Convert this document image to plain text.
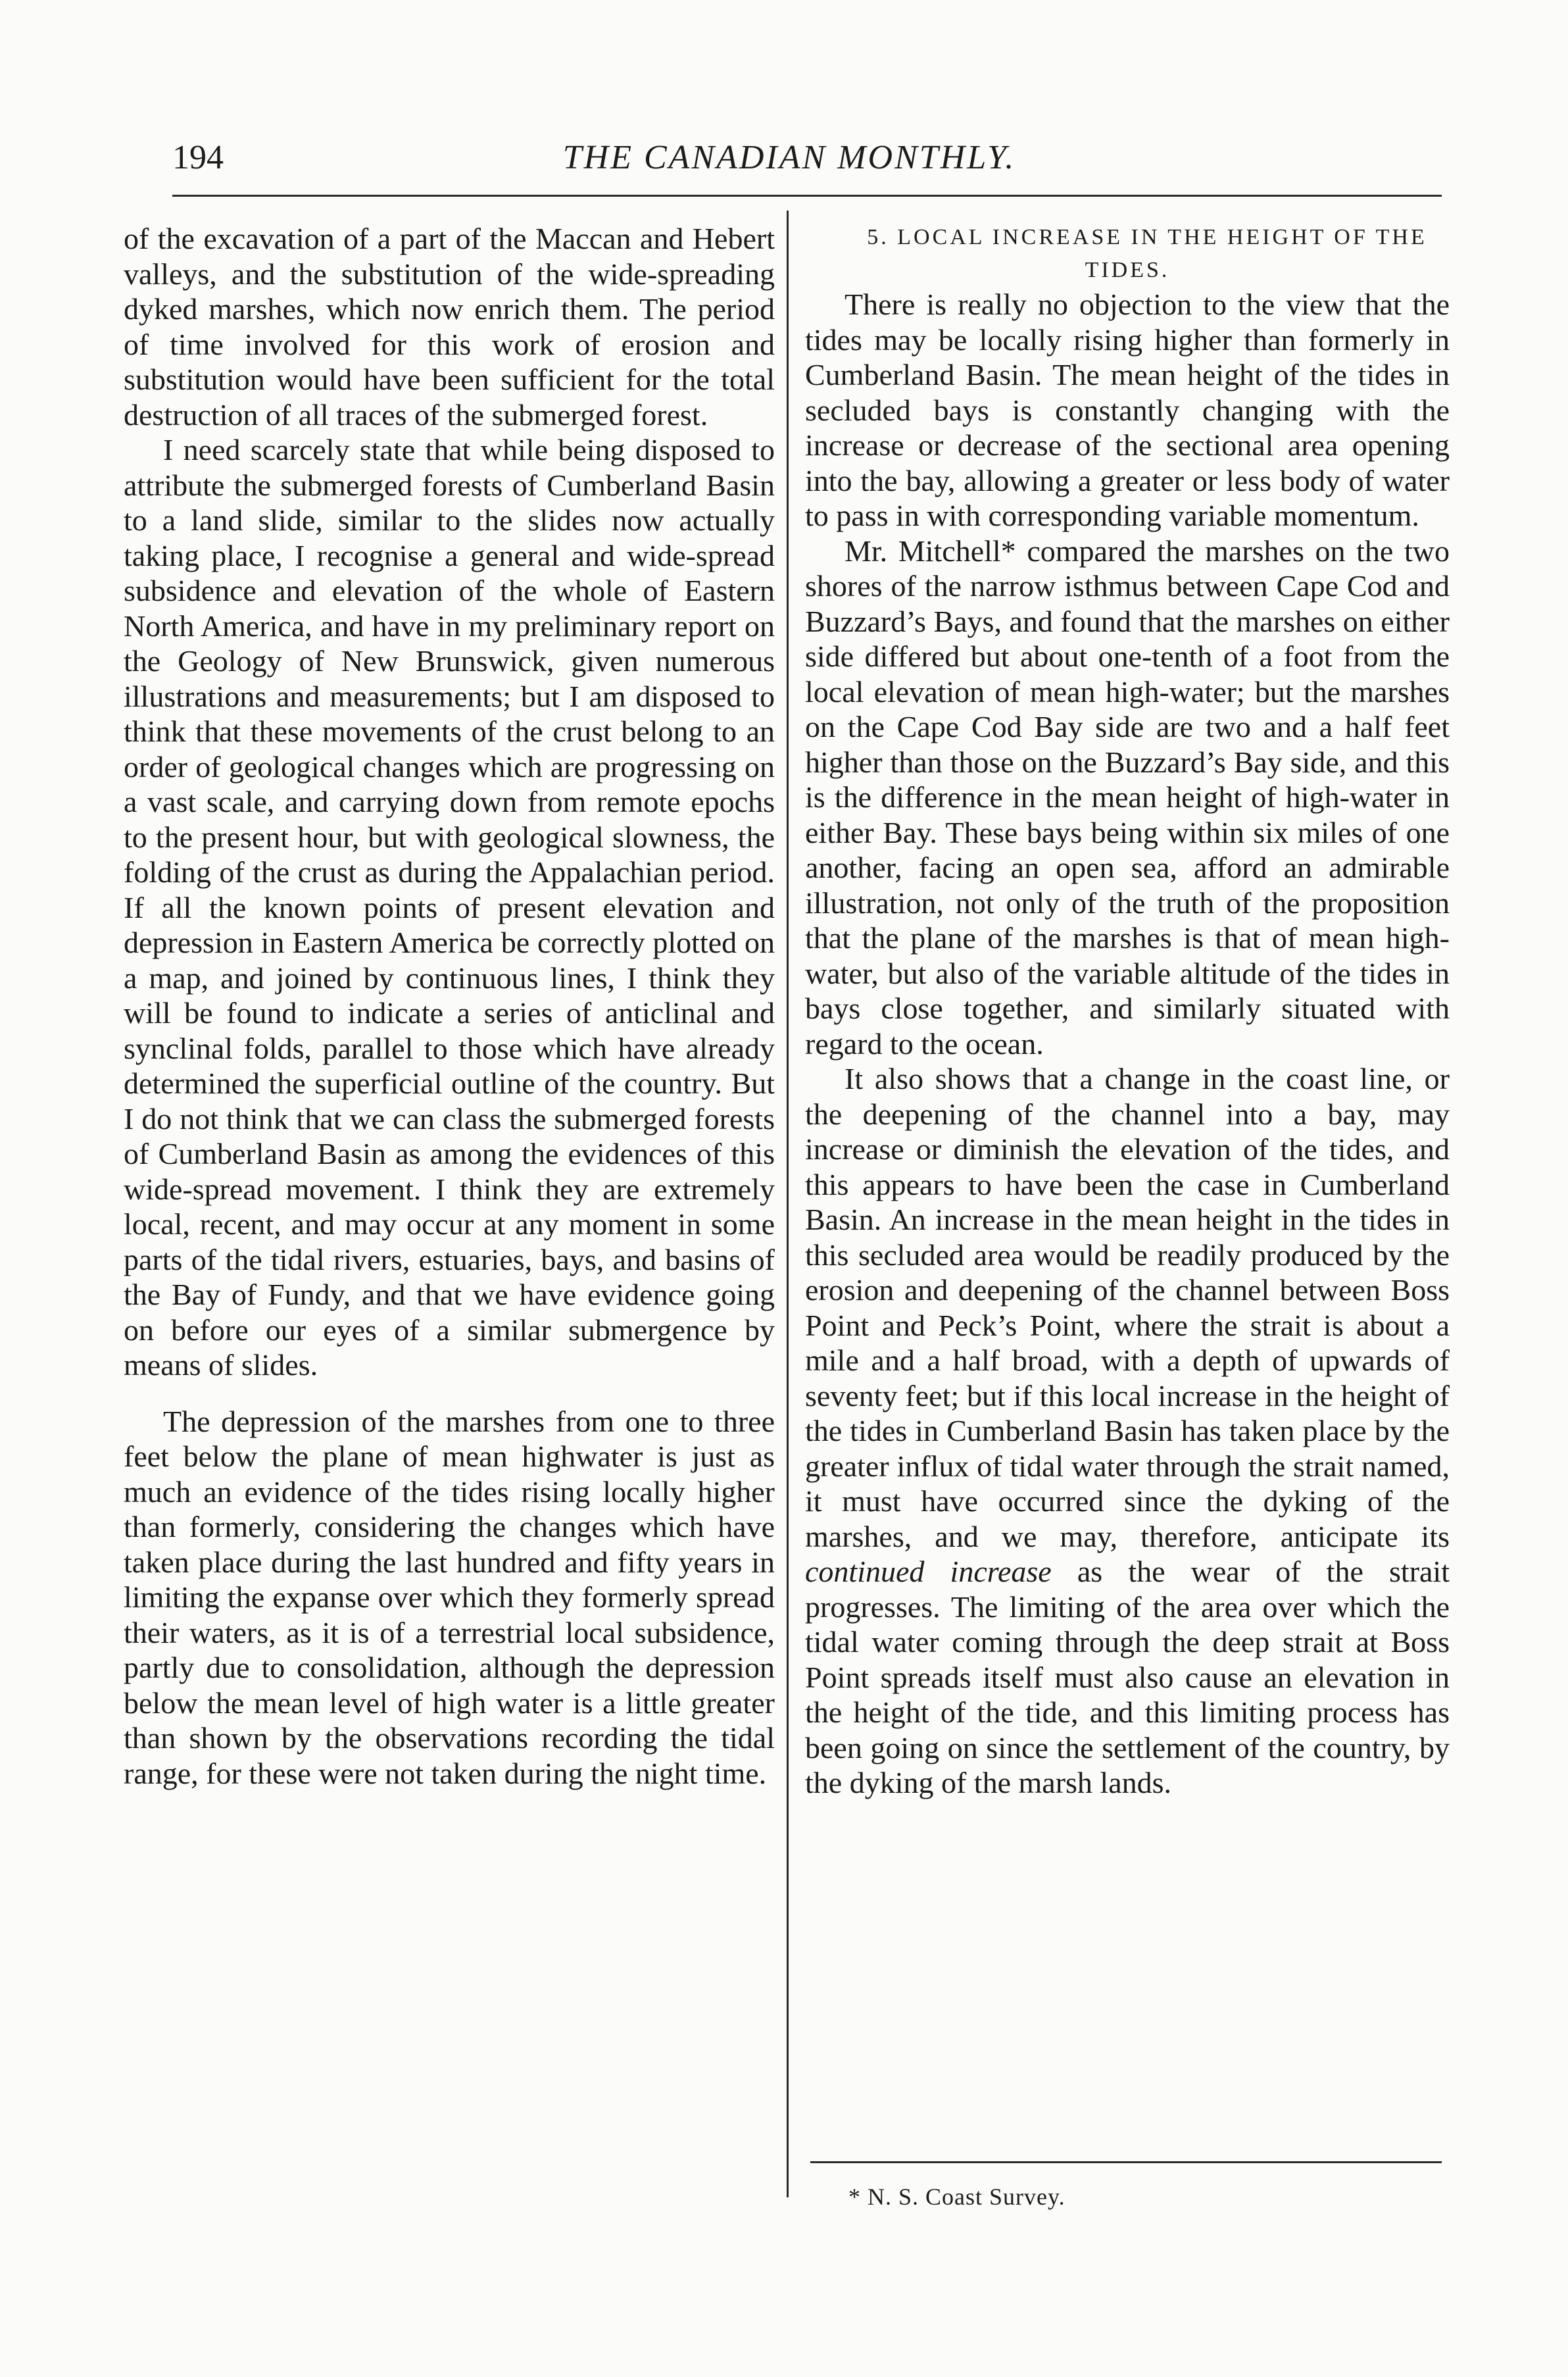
194	THE CANADIAN MONTHLY.

of the excavation of a part of the Maccan and Hebert valleys, and the substitution of the wide-spreading dyked marshes, which now enrich them. The period of time involved for this work of erosion and substitution would have been sufficient for the total destruction of all traces of the submerged forest.

I need scarcely state that while being disposed to attribute the submerged forests of Cumberland Basin to a land slide, similar to the slides now actually taking place, I recognise a general and wide-spread subsidence and elevation of the whole of Eastern North America, and have in my preliminary report on the Geology of New Brunswick, given numerous illustrations and measurements; but I am disposed to think that these movements of the crust belong to an order of geological changes which are progressing on a vast scale, and carrying down from remote epochs to the present hour, but with geological slowness, the folding of the crust as during the Appalachian period. If all the known points of present elevation and depression in Eastern America be correctly plotted on a map, and joined by continuous lines, I think they will be found to indicate a series of anticlinal and synclinal folds, parallel to those which have already determined the superficial outline of the country. But I do not think that we can class the submerged forests of Cumberland Basin as among the evidences of this wide-spread movement. I think they are extremely local, recent, and may occur at any moment in some parts of the tidal rivers, estuaries, bays, and basins of the Bay of Fundy, and that we have evidence going on before our eyes of a similar submergence by means of slides.

The depression of the marshes from one to three feet below the plane of mean highwater is just as much an evidence of the tides rising locally higher than formerly, considering the changes which have taken place during the last hundred and fifty years in limiting the expanse over which they formerly spread their waters, as it is of a terrestrial local subsidence, partly due to consolidation, although the depression below the mean level of high water is a little greater than shown by the observations recording the tidal range, for these were not taken during the night time.

5. LOCAL INCREASE IN THE HEIGHT OF THE TIDES.

There is really no objection to the view that the tides may be locally rising higher than formerly in Cumberland Basin. The mean height of the tides in secluded bays is constantly changing with the increase or decrease of the sectional area opening into the bay, allowing a greater or less body of water to pass in with corresponding variable momentum.

Mr. Mitchell* compared the marshes on the two shores of the narrow isthmus between Cape Cod and Buzzard’s Bays, and found that the marshes on either side differed but about one-tenth of a foot from the local elevation of mean high-water; but the marshes on the Cape Cod Bay side are two and a half feet higher than those on the Buzzard’s Bay side, and this is the difference in the mean height of high-water in either Bay. These bays being within six miles of one another, facing an open sea, afford an admirable illustration, not only of the truth of the proposition that the plane of the marshes is that of mean high-water, but also of the variable altitude of the tides in bays close together, and similarly situated with regard to the ocean.

It also shows that a change in the coast line, or the deepening of the channel into a bay, may increase or diminish the elevation of the tides, and this appears to have been the case in Cumberland Basin. An increase in the mean height in the tides in this secluded area would be readily produced by the erosion and deepening of the channel between Boss Point and Peck’s Point, where the strait is about a mile and a half broad, with a depth of upwards of seventy feet; but if this local increase in the height of the tides in Cumberland Basin has taken place by the greater influx of tidal water through the strait named, it must have occurred since the dyking of the marshes, and we may, therefore, anticipate its continued increase as the wear of the strait progresses. The limiting of the area over which the tidal water coming through the deep strait at Boss Point spreads itself must also cause an elevation in the height of the tide, and this limiting process has been going on since the settlement of the country, by the dyking of the marsh lands.

* N. S. Coast Survey.
